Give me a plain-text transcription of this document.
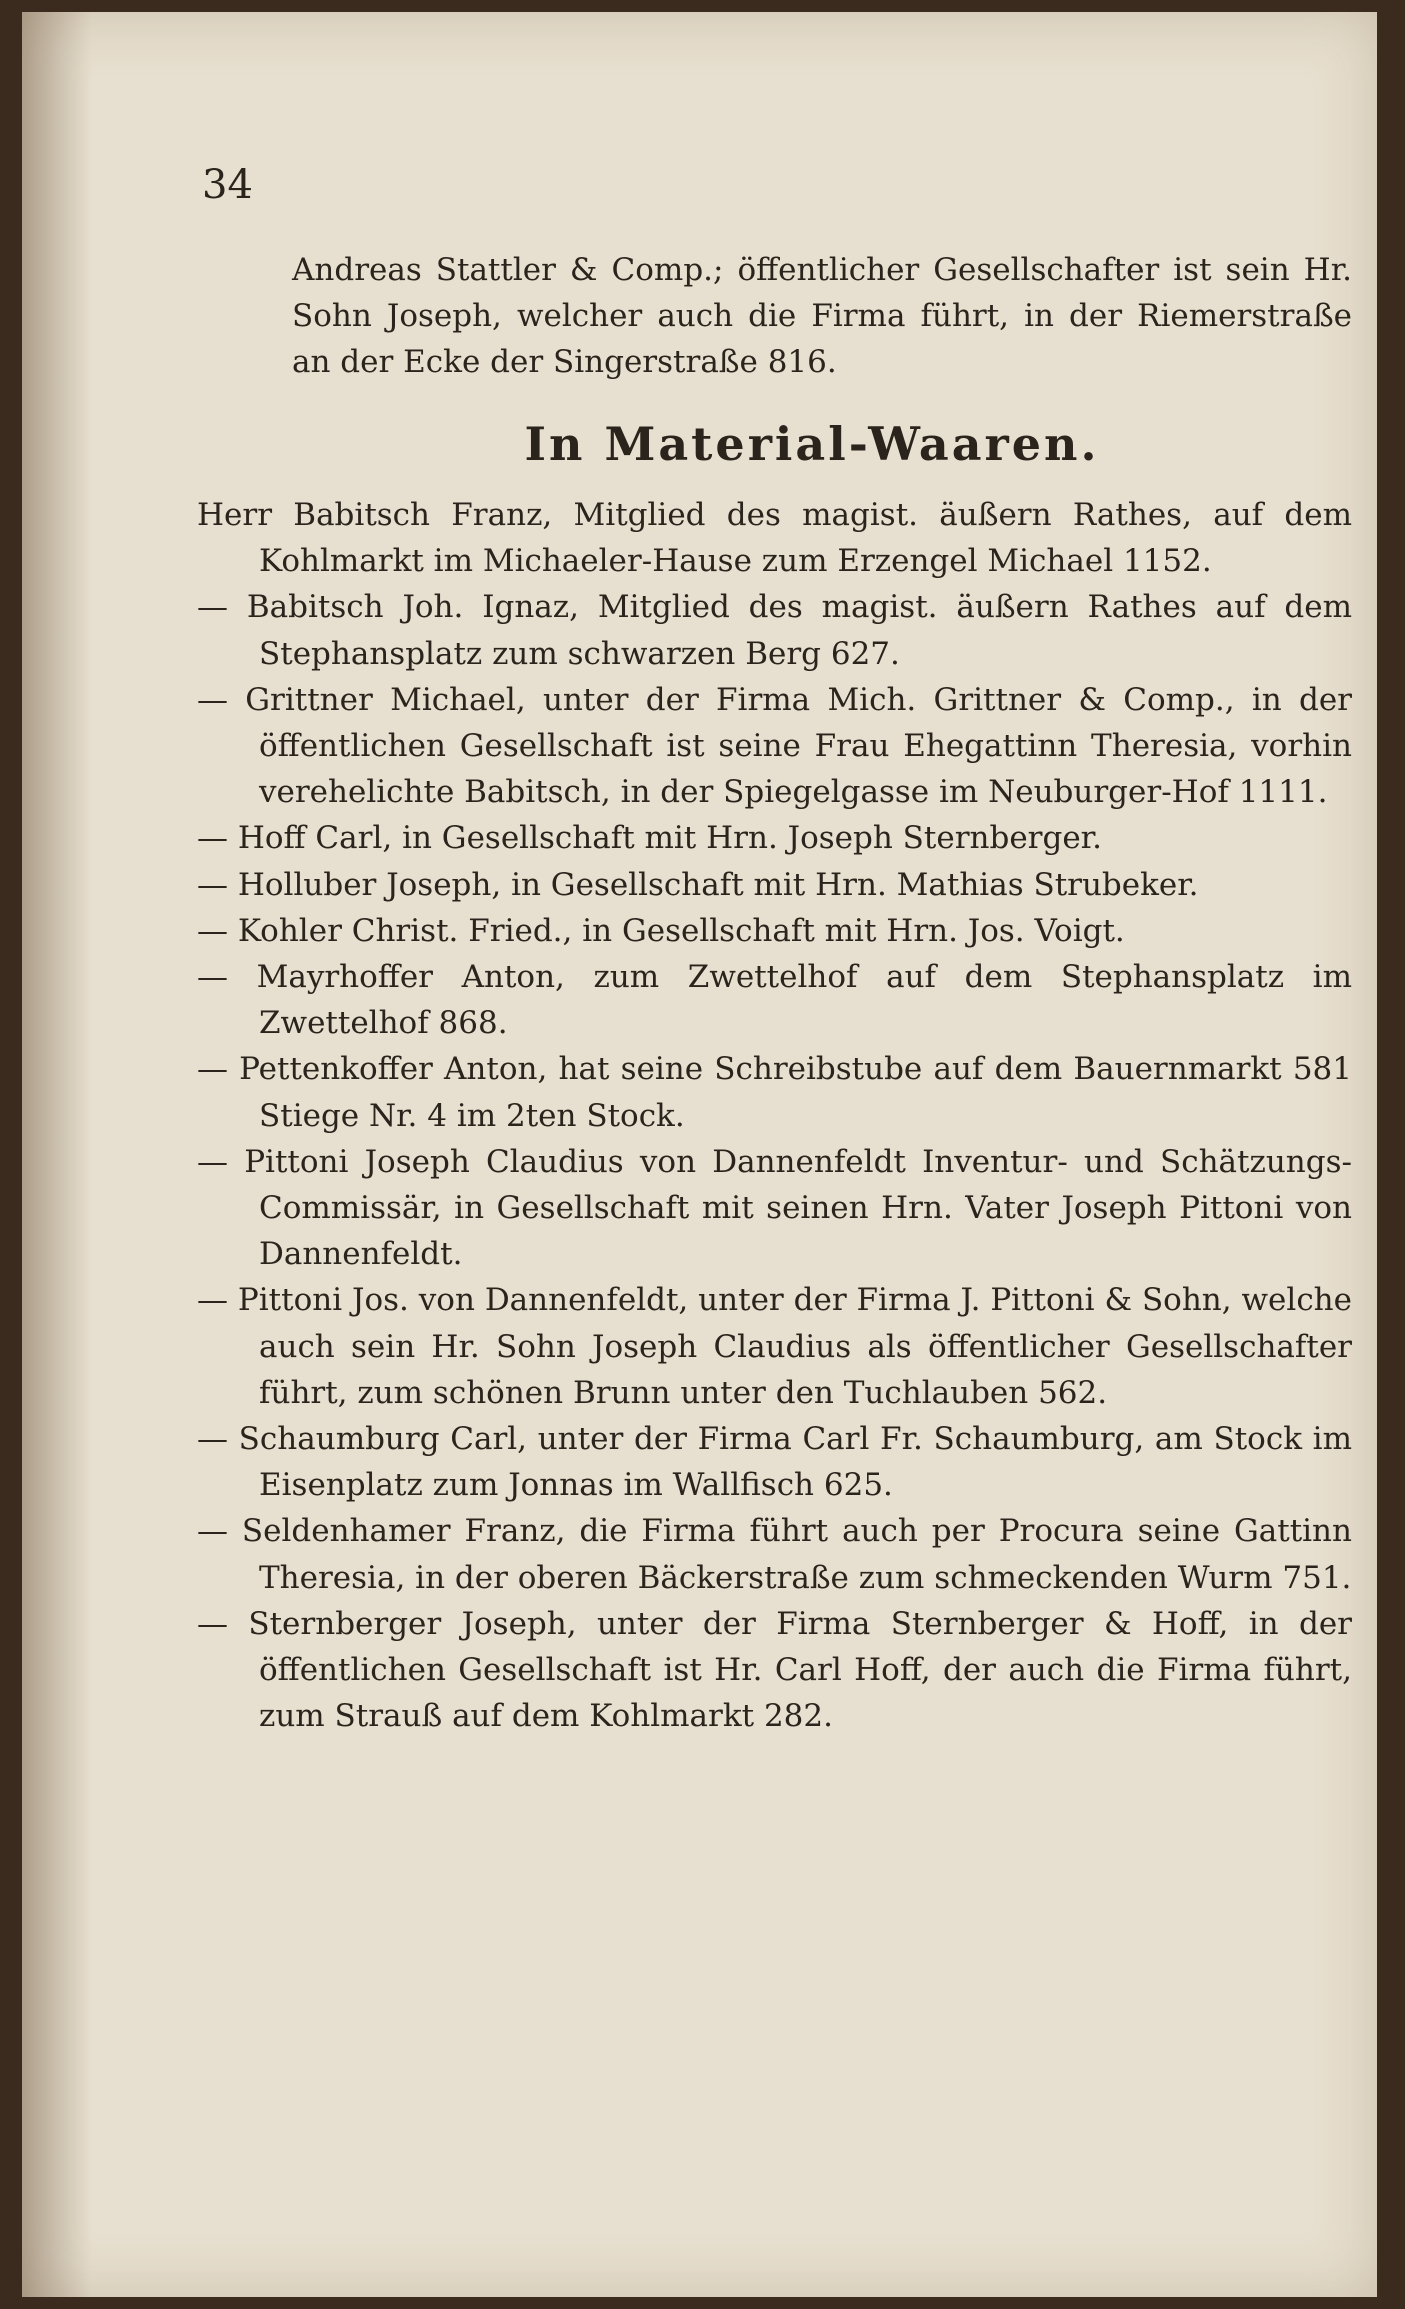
34

Andreas Stattler & Comp.; öffentlicher Gesellschafter ist sein Hr. Sohn Joseph, welcher auch die Firma führt, in der Riemerstraße an der Ecke der Singerstraße 816.

In Material-Waaren.

Herr Babitsch Franz, Mitglied des magist. äußern Rathes, auf dem Kohlmarkt im Michaeler-Hause zum Erzengel Michael 1152.

— Babitsch Joh. Ignaz, Mitglied des magist. äußern Rathes auf dem Stephansplatz zum schwarzen Berg 627.

— Grittner Michael, unter der Firma Mich. Grittner & Comp., in der öffentlichen Gesellschaft ist seine Frau Ehegattinn Theresia, vorhin verehelichte Babitsch, in der Spiegelgasse im Neuburger-Hof 1111.

— Hoff Carl, in Gesellschaft mit Hrn. Joseph Sternberger.

— Holluber Joseph, in Gesellschaft mit Hrn. Mathias Strubeker.

— Kohler Christ. Fried., in Gesellschaft mit Hrn. Jos. Voigt.

— Mayrhoffer Anton, zum Zwettelhof auf dem Stephansplatz im Zwettelhof 868.

— Pettenkoffer Anton, hat seine Schreibstube auf dem Bauernmarkt 581 Stiege Nr. 4 im 2ten Stock.

— Pittoni Joseph Claudius von Dannenfeldt Inventur- und Schätzungs-Commissär, in Gesellschaft mit seinen Hrn. Vater Joseph Pittoni von Dannenfeldt.

— Pittoni Jos. von Dannenfeldt, unter der Firma J. Pittoni & Sohn, welche auch sein Hr. Sohn Joseph Claudius als öffentlicher Gesellschafter führt, zum schönen Brunn unter den Tuchlauben 562.

— Schaumburg Carl, unter der Firma Carl Fr. Schaumburg, am Stock im Eisenplatz zum Jonnas im Wallfisch 625.

— Seldenhamer Franz, die Firma führt auch per Procura seine Gattinn Theresia, in der oberen Bäckerstraße zum schmeckenden Wurm 751.

— Sternberger Joseph, unter der Firma Sternberger & Hoff, in der öffentlichen Gesellschaft ist Hr. Carl Hoff, der auch die Firma führt, zum Strauß auf dem Kohlmarkt 282.
